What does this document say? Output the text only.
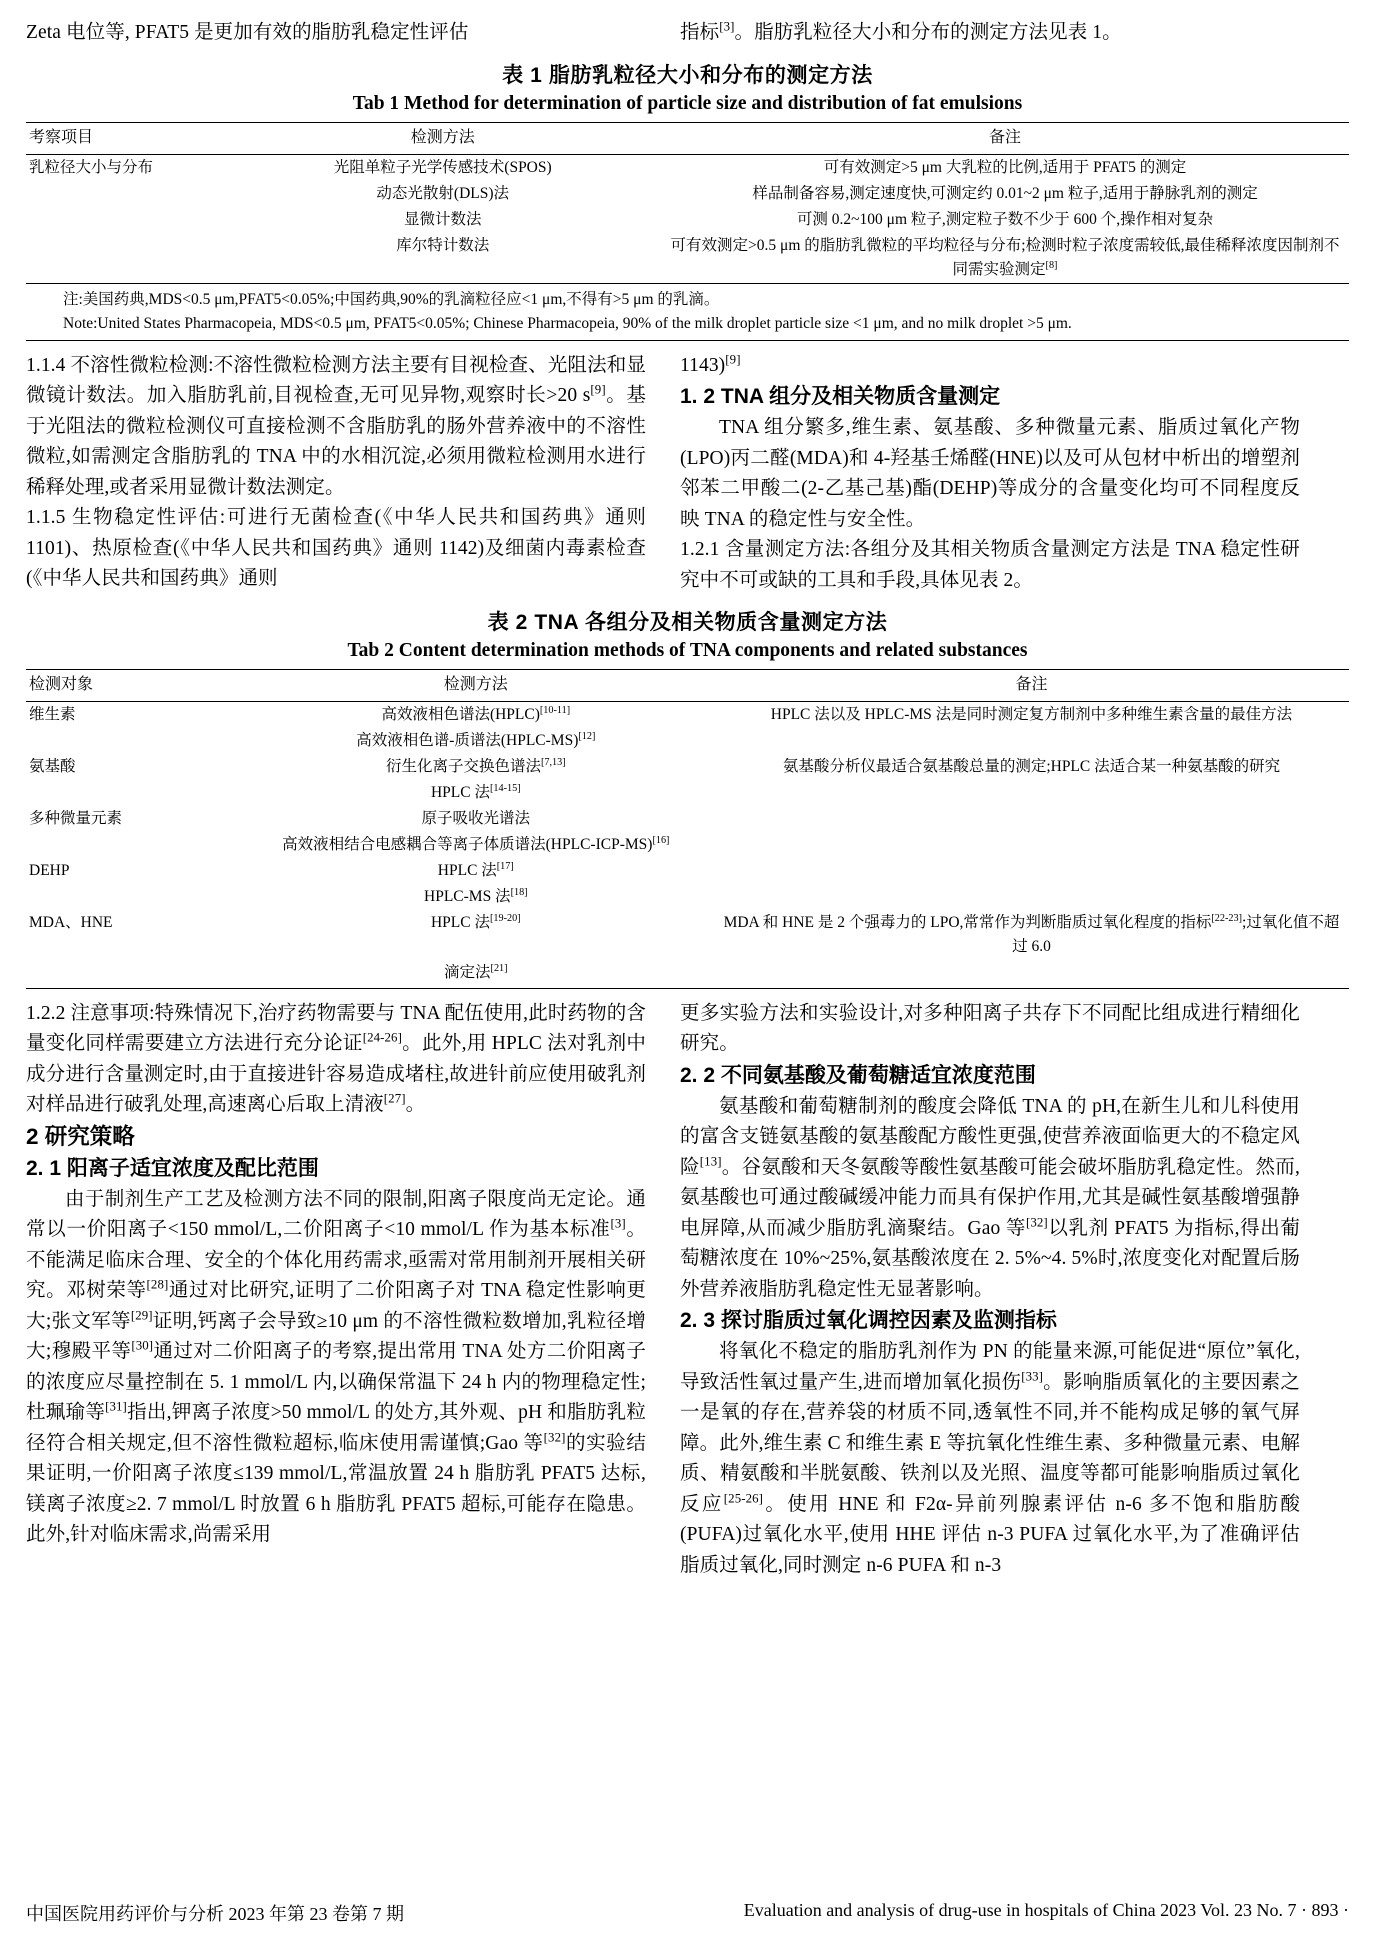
Zeta 电位等, PFAT5 是更加有效的脂肪乳稳定性评估	指标[3]。脂肪乳粒径大小和分布的测定方法见表 1。

表 1 脂肪乳粒径大小和分布的测定方法
Tab 1 Method for determination of particle size and distribution of fat emulsions
考察项目	检测方法	备注
乳粒径大小与分布	光阻单粒子光学传感技术(SPOS)	可有效测定>5 μm 大乳粒的比例,适用于 PFAT5 的测定
	动态光散射(DLS)法	样品制备容易,测定速度快,可测定约 0.01~2 μm 粒子,适用于静脉乳剂的测定
	显微计数法	可测 0.2~100 μm 粒子,测定粒子数不少于 600 个,操作相对复杂
	库尔特计数法	可有效测定>0.5 μm 的脂肪乳微粒的平均粒径与分布;检测时粒子浓度需较低,最佳稀释浓度因制剂不同需实验测定[8]

注:美国药典,MDS<0.5 μm,PFAT5<0.05%;中国药典,90%的乳滴粒径应<1 μm,不得有>5 μm 的乳滴。
Note:United States Pharmacopeia, MDS<0.5 μm, PFAT5<0.05%; Chinese Pharmacopeia, 90% of the milk droplet particle size <1 μm, and no milk droplet >5 μm.		

1.1.4 不溶性微粒检测:不溶性微粒检测方法主要有目视检查、光阻法和显微镜计数法。加入脂肪乳前,目视检查,无可见异物,观察时长>20 s[9]。基于光阻法的微粒检测仪可直接检测不含脂肪乳的肠外营养液中的不溶性微粒,如需测定含脂肪乳的 TNA 中的水相沉淀,必须用微粒检测用水进行稀释处理,或者采用显微计数法测定。

1.1.5 生物稳定性评估:可进行无菌检查(《中华人民共和国药典》通则 1101)、热原检查(《中华人民共和国药典》通则 1142)及细菌内毒素检查(《中华人民共和国药典》通则

1143)[9]

1. 2 TNA 组分及相关物质含量测定

TNA 组分繁多,维生素、氨基酸、多种微量元素、脂质过氧化产物(LPO)丙二醛(MDA)和 4-羟基壬烯醛(HNE)以及可从包材中析出的增塑剂邻苯二甲酸二(2-乙基己基)酯(DEHP)等成分的含量变化均可不同程度反映 TNA 的稳定性与安全性。

1.2.1 含量测定方法:各组分及其相关物质含量测定方法是 TNA 稳定性研究中不可或缺的工具和手段,具体见表 2。

表 2 TNA 各组分及相关物质含量测定方法
Tab 2 Content determination methods of TNA components and related substances
检测对象	检测方法	备注
维生素	高效液相色谱法(HPLC)[10-11]	HPLC 法以及 HPLC-MS 法是同时测定复方制剂中多种维生素含量的最佳方法
	高效液相色谱-质谱法(HPLC-MS)[12]	
氨基酸	衍生化离子交换色谱法[7,13]	氨基酸分析仪最适合氨基酸总量的测定;HPLC 法适合某一种氨基酸的研究
	HPLC 法[14-15]	
多种微量元素	原子吸收光谱法	
	高效液相结合电感耦合等离子体质谱法(HPLC-ICP-MS)[16]	
DEHP	HPLC 法[17]	
	HPLC-MS 法[18]	
MDA、HNE	HPLC 法[19-20]	MDA 和 HNE 是 2 个强毒力的 LPO,常常作为判断脂质过氧化程度的指标[22-23];过氧化值不超过 6.0
	滴定法[21]	

1.2.2 注意事项:特殊情况下,治疗药物需要与 TNA 配伍使用,此时药物的含量变化同样需要建立方法进行充分论证[24-26]。此外,用 HPLC 法对乳剂中成分进行含量测定时,由于直接进针容易造成堵柱,故进针前应使用破乳剂对样品进行破乳处理,高速离心后取上清液[27]。

2 研究策略

2. 1 阳离子适宜浓度及配比范围

由于制剂生产工艺及检测方法不同的限制,阳离子限度尚无定论。通常以一价阳离子<150 mmol/L,二价阳离子<10 mmol/L 作为基本标准[3]。不能满足临床合理、安全的个体化用药需求,亟需对常用制剂开展相关研究。邓树荣等[28]通过对比研究,证明了二价阳离子对 TNA 稳定性影响更大;张文军等[29]证明,钙离子会导致≥10 μm 的不溶性微粒数增加,乳粒径增大;穆殿平等[30]通过对二价阳离子的考察,提出常用 TNA 处方二价阳离子的浓度应尽量控制在 5. 1 mmol/L 内,以确保常温下 24 h 内的物理稳定性;杜珮瑜等[31]指出,钾离子浓度>50 mmol/L 的处方,其外观、pH 和脂肪乳粒径符合相关规定,但不溶性微粒超标,临床使用需谨慎;Gao 等[32]的实验结果证明,一价阳离子浓度≤139 mmol/L,常温放置 24 h 脂肪乳 PFAT5 达标,镁离子浓度≥2. 7 mmol/L 时放置 6 h 脂肪乳 PFAT5 超标,可能存在隐患。此外,针对临床需求,尚需采用

更多实验方法和实验设计,对多种阳离子共存下不同配比组成进行精细化研究。

2. 2 不同氨基酸及葡萄糖适宜浓度范围

氨基酸和葡萄糖制剂的酸度会降低 TNA 的 pH,在新生儿和儿科使用的富含支链氨基酸的氨基酸配方酸性更强,使营养液面临更大的不稳定风险[13]。谷氨酸和天冬氨酸等酸性氨基酸可能会破坏脂肪乳稳定性。然而,氨基酸也可通过酸碱缓冲能力而具有保护作用,尤其是碱性氨基酸增强静电屏障,从而减少脂肪乳滴聚结。Gao 等[32]以乳剂 PFAT5 为指标,得出葡萄糖浓度在 10%~25%,氨基酸浓度在 2. 5%~4. 5%时,浓度变化对配置后肠外营养液脂肪乳稳定性无显著影响。

2. 3 探讨脂质过氧化调控因素及监测指标

将氧化不稳定的脂肪乳剂作为 PN 的能量来源,可能促进“原位”氧化,导致活性氧过量产生,进而增加氧化损伤[33]。影响脂质氧化的主要因素之一是氧的存在,营养袋的材质不同,透氧性不同,并不能构成足够的氧气屏障。此外,维生素 C 和维生素 E 等抗氧化性维生素、多种微量元素、电解质、精氨酸和半胱氨酸、铁剂以及光照、温度等都可能影响脂质过氧化反应[25-26]。使用 HNE 和 F2α-异前列腺素评估 n-6 多不饱和脂肪酸(PUFA)过氧化水平,使用 HHE 评估 n-3 PUFA 过氧化水平,为了准确评估脂质过氧化,同时测定 n-6 PUFA 和 n-3

中国医院用药评价与分析 2023 年第 23 卷第 7 期	Evaluation and analysis of drug-use in hospitals of China 2023 Vol. 23 No. 7 · 893 ·
